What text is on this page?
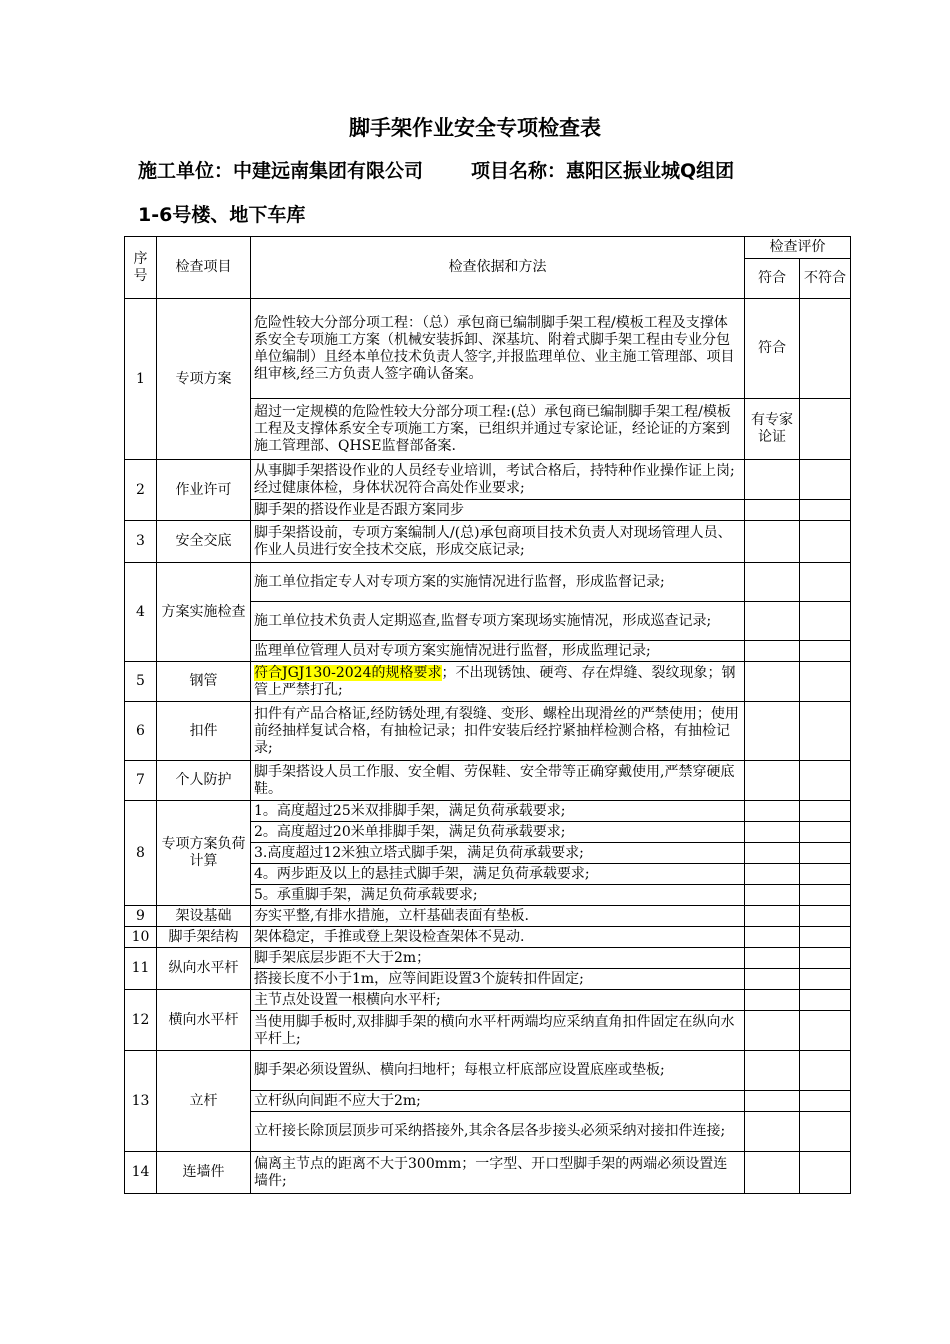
脚手架作业安全专项检查表
施工单位：中建远南集团有限公司	项目名称：惠阳区振业城Q组团
1-6号楼、地下车库
序号	检查项目	检查依据和方法	检查评价	
			符合	不符合
1	专项方案	危险性较大分部分项工程：（总）承包商已编制脚手架工程/模板工程及支撑体系安全专项施工方案（机械安装拆卸、深基坑、附着式脚手架工程由专业分包单位编制）且经本单位技术负责人签字,并报监理单位、业主施工管理部、项目组审核,经三方负责人签字确认备案。	符合	
		超过一定规模的危险性较大分部分项工程:(总）承包商已编制脚手架工程/模板工程及支撑体系安全专项施工方案，已组织并通过专家论证，经论证的方案到施工管理部、QHSE监督部备案.	有专家论证	
2	作业许可	从事脚手架搭设作业的人员经专业培训，考试合格后，持特种作业操作证上岗;经过健康体检，身体状况符合高处作业要求;		
		脚手架的搭设作业是否跟方案同步		
3	安全交底	脚手架搭设前，专项方案编制人/(总)承包商项目技术负责人对现场管理人员、作业人员进行安全技术交底，形成交底记录;		
4	方案实施检查	施工单位指定专人对专项方案的实施情况进行监督，形成监督记录;		
		施工单位技术负责人定期巡查,监督专项方案现场实施情况，形成巡查记录;		
		监理单位管理人员对专项方案实施情况进行监督，形成监理记录;		
5	钢管	符合JGJ130-2024的规格要求；不出现锈蚀、硬弯、存在焊缝、裂纹现象；钢管上严禁打孔;		
6	扣件	扣件有产品合格证,经防锈处理,有裂缝、变形、螺栓出现滑丝的严禁使用；使用前经抽样复试合格，有抽检记录；扣件安装后经拧紧抽样检测合格，有抽检记录;		
7	个人防护	脚手架搭设人员工作服、安全帽、劳保鞋、安全带等正确穿戴使用,严禁穿硬底鞋。		
8	专项方案负荷计算	1。高度超过25米双排脚手架，满足负荷承载要求;		
		2。高度超过20米单排脚手架，满足负荷承载要求;		
		3.高度超过12米独立塔式脚手架，满足负荷承载要求;		
		4。两步距及以上的悬挂式脚手架，满足负荷承载要求;		
		5。承重脚手架，满足负荷承载要求;		
9	架设基础	夯实平整,有排水措施，立杆基础表面有垫板.		
10	脚手架结构	架体稳定，手推或登上架设检查架体不晃动.		
11	纵向水平杆	脚手架底层步距不大于2m；		
		搭接长度不小于1m，应等间距设置3个旋转扣件固定;		
12	横向水平杆	主节点处设置一根横向水平杆;		
		当使用脚手板时,双排脚手架的横向水平杆两端均应采纳直角扣件固定在纵向水平杆上;		
13	立杆	脚手架必须设置纵、横向扫地杆；每根立杆底部应设置底座或垫板;		
		立杆纵向间距不应大于2m;		
		立杆接长除顶层顶步可采纳搭接外,其余各层各步接头必须采纳对接扣件连接;		
14	连墙件	偏离主节点的距离不大于300mm；一字型、开口型脚手架的两端必须设置连墙件;		
